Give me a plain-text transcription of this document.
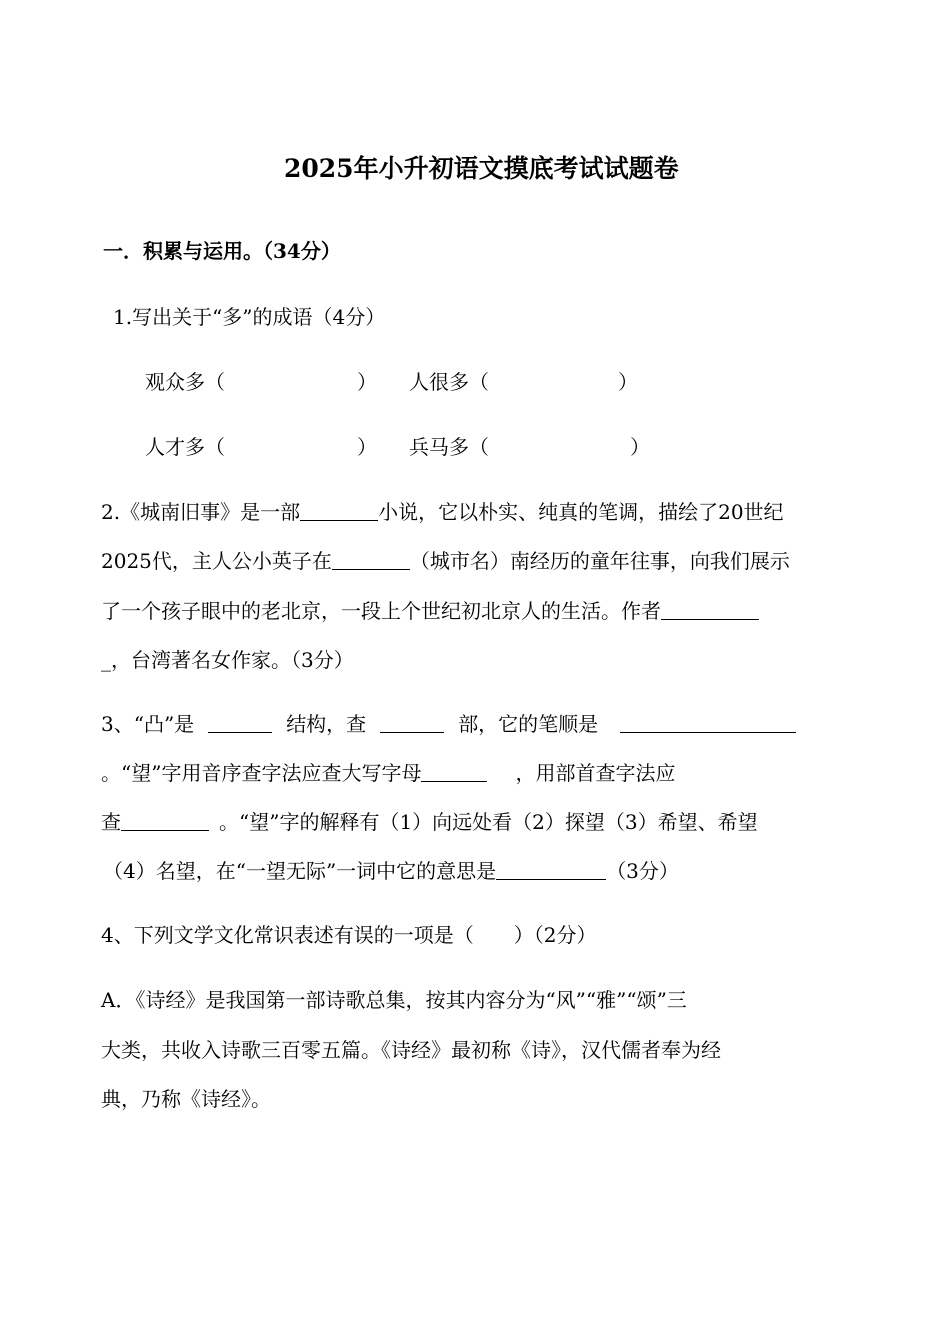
2025年小升初语文摸底考试试题卷
一．积累与运用。（34分）
1.写出关于“多”的成语（4分）
观众多（	） 人很多（	）
人才多（	） 兵马多（	）
2.《城南旧事》是一部	小说，它以朴实、纯真的笔调，描绘了20世纪
2025代，主人公小英子在	（城市名）南经历的童年往事，向我们展示
了一个孩子眼中的老北京，一段上个世纪初北京人的生活。作者
_，台湾著名女作家。（3分）
3、“凸”是	结构，查	部，它的笔顺是
。“望”字用音序查字法应查大写字母	，用部首查字法应
查	。“望”字的解释有（1）向远处看（2）探望（3）希望、希望
（4）名望，在“一望无际”一词中它的意思是	（3分）
4、下列文学文化常识表述有误的一项是（　　）（2分）
A．《诗经》是我国第一部诗歌总集，按其内容分为“风”“雅”“颂”三
大类，共收入诗歌三百零五篇。《诗经》最初称《诗》，汉代儒者奉为经
典，乃称《诗经》。
